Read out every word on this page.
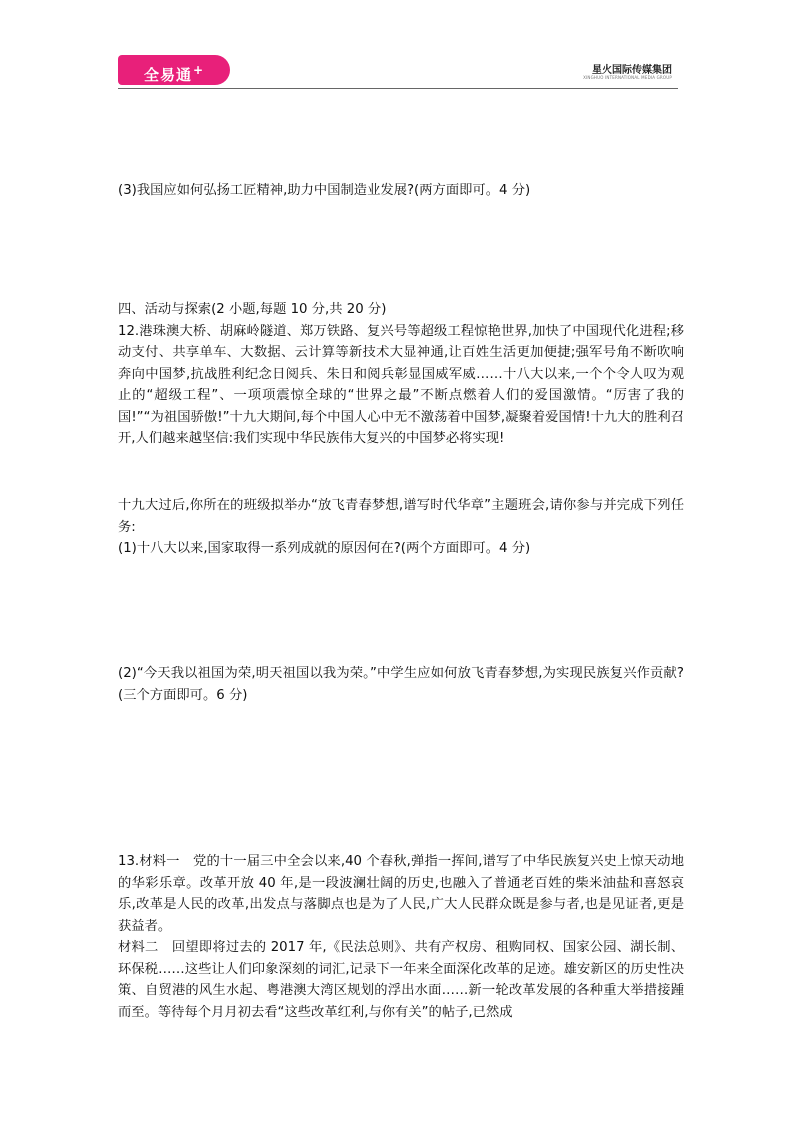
全易通+	星火国际传媒集团
XINGHUO INTERNATIONAL MEDIA GROUP

(3)我国应如何弘扬工匠精神,助力中国制造业发展?(两方面即可。4 分)

四、活动与探索(2 小题,每题 10 分,共 20 分)

12.港珠澳大桥、胡麻岭隧道、郑万铁路、复兴号等超级工程惊艳世界,加快了中国现代化进程;移动支付、共享单车、大数据、云计算等新技术大显神通,让百姓生活更加便捷;强军号角不断吹响奔向中国梦,抗战胜利纪念日阅兵、朱日和阅兵彰显国威军威……十八大以来,一个个令人叹为观止的“超级工程”、一项项震惊全球的“世界之最”不断点燃着人们的爱国激情。“厉害了我的国!”“为祖国骄傲!”十九大期间,每个中国人心中无不激荡着中国梦,凝聚着爱国情!十九大的胜利召开,人们越来越坚信:我们实现中华民族伟大复兴的中国梦必将实现!

十九大过后,你所在的班级拟举办“放飞青春梦想,谱写时代华章”主题班会,请你参与并完成下列任务:

(1)十八大以来,国家取得一系列成就的原因何在?(两个方面即可。4 分)

(2)“今天我以祖国为荣,明天祖国以我为荣。”中学生应如何放飞青春梦想,为实现民族复兴作贡献?(三个方面即可。6 分)

13.材料一　党的十一届三中全会以来,40 个春秋,弹指一挥间,谱写了中华民族复兴史上惊天动地的华彩乐章。改革开放 40 年,是一段波澜壮阔的历史,也融入了普通老百姓的柴米油盐和喜怒哀乐,改革是人民的改革,出发点与落脚点也是为了人民,广大人民群众既是参与者,也是见证者,更是获益者。

材料二　回望即将过去的 2017 年,《民法总则》、共有产权房、租购同权、国家公园、湖长制、环保税……这些让人们印象深刻的词汇,记录下一年来全面深化改革的足迹。雄安新区的历史性决策、自贸港的风生水起、粤港澳大湾区规划的浮出水面……新一轮改革发展的各种重大举措接踵而至。等待每个月月初去看“这些改革红利,与你有关”的帖子,已然成
